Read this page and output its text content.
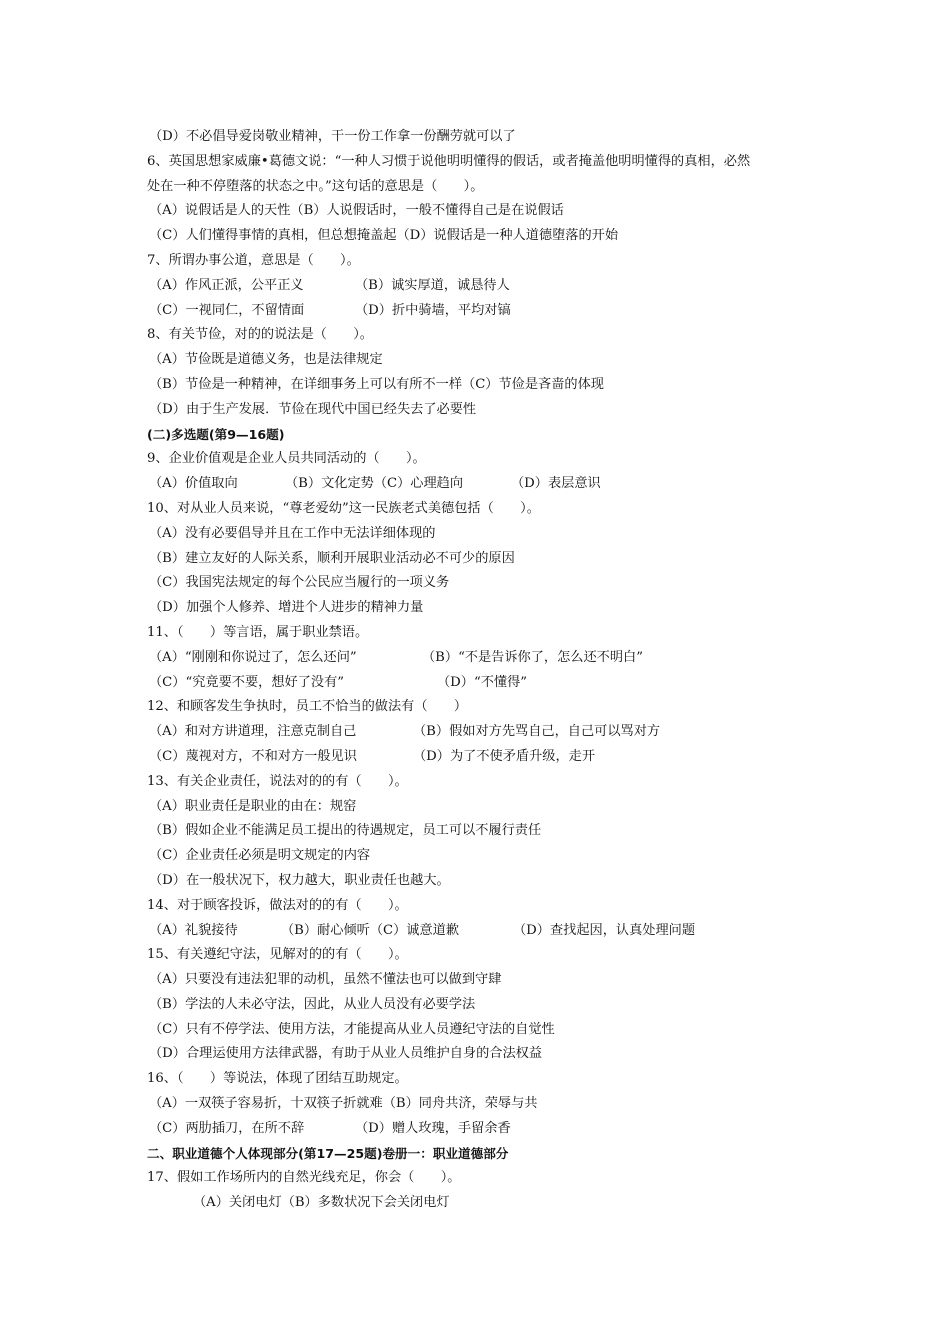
（D）不必倡导爱岗敬业精神，干一份工作拿一份酬劳就可以了
6、英国思想家威廉•葛德文说：“一种人习惯于说他明明懂得的假话，或者掩盖他明明懂得的真相，必然
处在一种不停堕落的状态之中。”这句话的意思是（　　）。
（A）说假话是人的天性（B）人说假话时，一般不懂得自己是在说假话
（C）人们懂得事情的真相，但总想掩盖起（D）说假话是一种人道德堕落的开始
7、所谓办事公道，意思是（　　）。
（A）作风正派，公平正义	（B）诚实厚道，诚恳待人
（C）一视同仁，不留情面	（D）折中骑墙，平均对镐
8、有关节俭，对的的说法是（　　）。
（A）节俭既是道德义务，也是法律规定
（B）节俭是一种精神，在详细事务上可以有所不一样（C）节俭是吝啬的体现
（D）由于生产发展．节俭在现代中国已经失去了必要性
(二)多选题(第9—16题)
9、企业价值观是企业人员共同活动的（　　）。
（A）价值取向	（B）文化定势（C）心理趋向	（D）表层意识
10、对从业人员来说，“尊老爱幼”这一民族老式美德包括（　　）。
（A）没有必要倡导并且在工作中无法详细体现的
（B）建立友好的人际关系，顺利开展职业活动必不可少的原因
（C）我国宪法规定的每个公民应当履行的一项义务
（D）加强个人修养、增进个人进步的精神力量
11、（　　）等言语，属于职业禁语。
（A）“刚刚和你说过了，怎么还问”	（B）“不是告诉你了，怎么还不明白”
（C）“究竟要不要，想好了没有”	（D）“不懂得”
12、和顾客发生争执时，员工不恰当的做法有（　　）
（A）和对方讲道理，注意克制自己	（B）假如对方先骂自己，自己可以骂对方
（C）蔑视对方，不和对方一般见识	（D）为了不使矛盾升级，走开
13、有关企业责任，说法对的的有（　　）。
（A）职业责任是职业的由在：规窑
（B）假如企业不能满足员工提出的待遇规定，员工可以不履行责任
（C）企业责任必须是明文规定的内容
（D）在一般状况下，权力越大，职业责任也越大。
14、对于顾客投诉，做法对的的有（　　）。
（A）礼貌接待	（B）耐心倾听（C）诚意道歉	（D）查找起因，认真处理问题
15、有关遵纪守法，见解对的的有（　　）。
（A）只要没有违法犯罪的动机，虽然不懂法也可以做到守肆
（B）学法的人未必守法，因此，从业人员没有必要学法
（C）只有不停学法、使用方法，才能提高从业人员遵纪守法的自觉性
（D）合理运使用方法律武器，有助于从业人员维护自身的合法权益
16、（　　）等说法，体现了团结互助规定。
（A）一双筷子容易折，十双筷子折就难（B）同舟共济，荣辱与共
（C）两肋插刀，在所不辞	（D）赠人玫瑰，手留余香
二、职业道德个人体现部分(第17—25题)卷册一：职业道德部分
17、假如工作场所内的自然光线充足，你会（　　）。
（A）关闭电灯（B）多数状况下会关闭电灯
